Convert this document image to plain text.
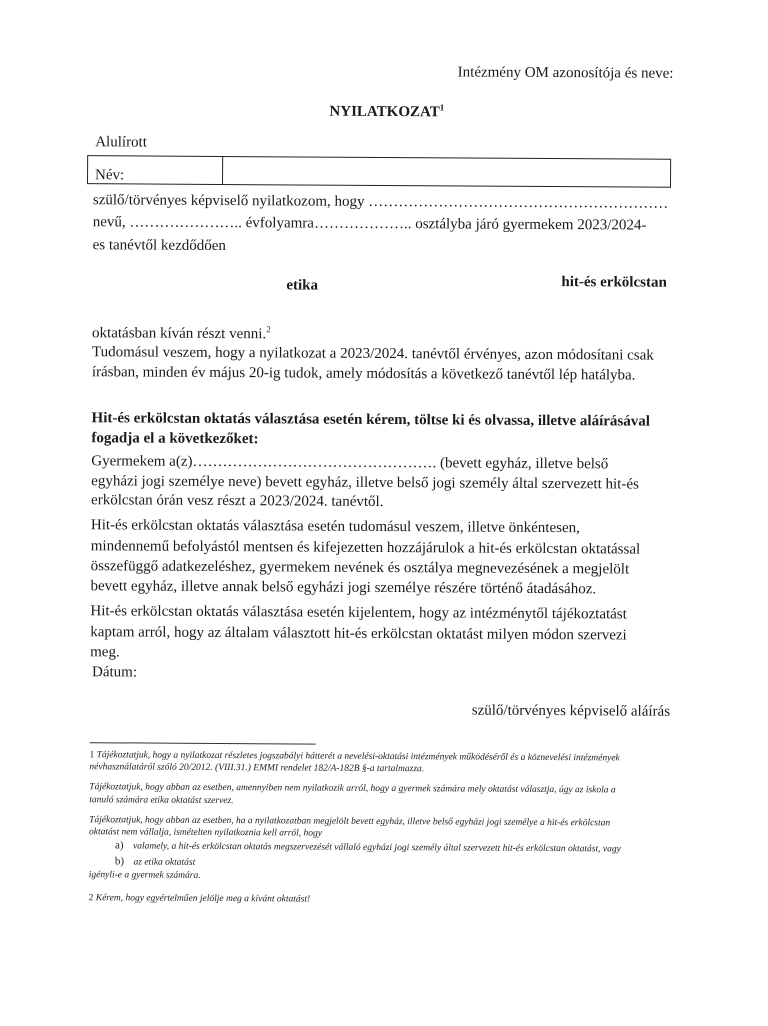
Intézmény OM azonosítója és neve:
NYILATKOZAT$^1$
Alulírott
Név:
szülő/törvényes képviselő nyilatkozom, hogy ……………………………………………………
nevű, ………………….. évfolyamra……………….. osztályba járó gyermekem 2023/2024-
es tanévtől kezdődően
etika	hit-és erkölcstan
oktatásban kíván részt venni.$^2$
Tudomásul veszem, hogy a nyilatkozat a 2023/2024. tanévtől érvényes, azon módosítani csak
írásban, minden év május 20-ig tudok, amely módosítás a következő tanévtől lép hatályba.
Hit-és erkölcstan oktatás választása esetén kérem, töltse ki és olvassa, illetve aláírásával
fogadja el a következőket:
Gyermekem a(z)…………………………………………. (bevett egyház, illetve belső
egyházi jogi személye neve) bevett egyház, illetve belső jogi személy által szervezett hit-és
erkölcstan órán vesz részt a 2023/2024. tanévtől.
Hit-és erkölcstan oktatás választása esetén tudomásul veszem, illetve önkéntesen,
mindennemű befolyástól mentsen és kifejezetten hozzájárulok a hit-és erkölcstan oktatással
összefüggő adatkezeléshez, gyermekem nevének és osztálya megnevezésének a megjelölt
bevett egyház, illetve annak belső egyházi jogi személye részére történő átadásához.
Hit-és erkölcstan oktatás választása esetén kijelentem, hogy az intézménytől tájékoztatást
kaptam arról, hogy az általam választott hit-és erkölcstan oktatást milyen módon szervezi
meg.
Dátum:
szülő/törvényes képviselő aláírás
1 Tájékoztatjuk, hogy a nyilatkozat részletes jogszabályi hátterét a nevelési-oktatási intézmények működéséről és a köznevelési intézmények
névhasználatáról szóló 20/2012. (VIII.31.) EMMI rendelet 182/A-182B §-a tartalmazza.
Tájékoztatjuk, hogy abban az esetben, amennyiben nem nyilatkozik arról, hogy a gyermek számára mely oktatást választja, úgy az iskola a
tanuló számára etika oktatást szervez.
Tájékoztatjuk, hogy abban az esetben, ha a nyilatkozatban megjelölt bevett egyház, illetve belső egyházi jogi személye a hit-és erkölcstan
oktatást nem vállalja, ismételten nyilatkoznia kell arról, hogy
a) valamely, a hit-és erkölcstan oktatás megszervezését vállaló egyházi jogi személy által szervezett hit-és erkölcstan oktatást, vagy
b) az etika oktatást
igényli-e a gyermek számára.
2 Kérem, hogy egyértelműen jelölje meg a kívánt oktatást!
